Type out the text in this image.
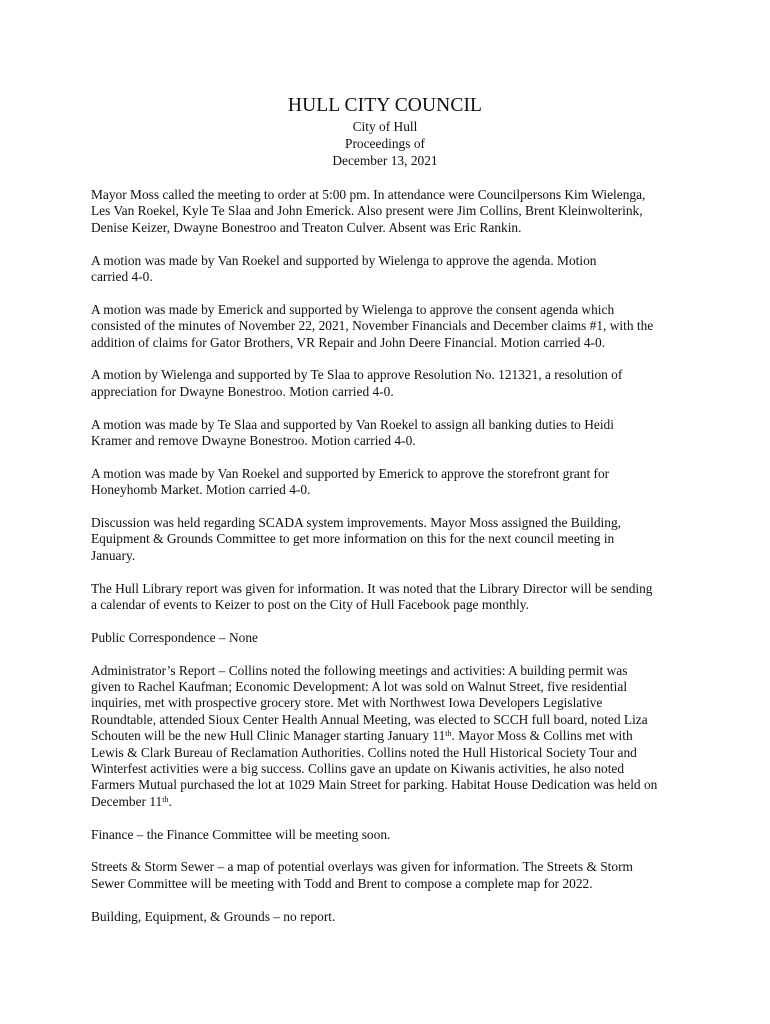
HULL CITY COUNCIL
City of Hull
Proceedings of
December 13, 2021

Mayor Moss called the meeting to order at 5:00 pm. In attendance were Councilpersons Kim Wielenga,
Les Van Roekel, Kyle Te Slaa and John Emerick. Also present were Jim Collins, Brent Kleinwolterink,
Denise Keizer, Dwayne Bonestroo and Treaton Culver. Absent was Eric Rankin.

A motion was made by Van Roekel and supported by Wielenga to approve the agenda. Motion
carried 4-0.

A motion was made by Emerick and supported by Wielenga to approve the consent agenda which
consisted of the minutes of November 22, 2021, November Financials and December claims #1, with the
addition of claims for Gator Brothers, VR Repair and John Deere Financial. Motion carried 4-0.

A motion by Wielenga and supported by Te Slaa to approve Resolution No. 121321, a resolution of
appreciation for Dwayne Bonestroo. Motion carried 4-0.

A motion was made by Te Slaa and supported by Van Roekel to assign all banking duties to Heidi
Kramer and remove Dwayne Bonestroo. Motion carried 4-0.

A motion was made by Van Roekel and supported by Emerick to approve the storefront grant for
Honeyhomb Market. Motion carried 4-0.

Discussion was held regarding SCADA system improvements. Mayor Moss assigned the Building,
Equipment & Grounds Committee to get more information on this for the next council meeting in
January.

The Hull Library report was given for information. It was noted that the Library Director will be sending
a calendar of events to Keizer to post on the City of Hull Facebook page monthly.

Public Correspondence – None

Administrator’s Report – Collins noted the following meetings and activities: A building permit was
given to Rachel Kaufman; Economic Development: A lot was sold on Walnut Street, five residential
inquiries, met with prospective grocery store. Met with Northwest Iowa Developers Legislative
Roundtable, attended Sioux Center Health Annual Meeting, was elected to SCCH full board, noted Liza
Schouten will be the new Hull Clinic Manager starting January 11th. Mayor Moss & Collins met with
Lewis & Clark Bureau of Reclamation Authorities. Collins noted the Hull Historical Society Tour and
Winterfest activities were a big success. Collins gave an update on Kiwanis activities, he also noted
Farmers Mutual purchased the lot at 1029 Main Street for parking. Habitat House Dedication was held on
December 11th.

Finance – the Finance Committee will be meeting soon.

Streets & Storm Sewer – a map of potential overlays was given for information. The Streets & Storm
Sewer Committee will be meeting with Todd and Brent to compose a complete map for 2022.

Building, Equipment, & Grounds – no report.
